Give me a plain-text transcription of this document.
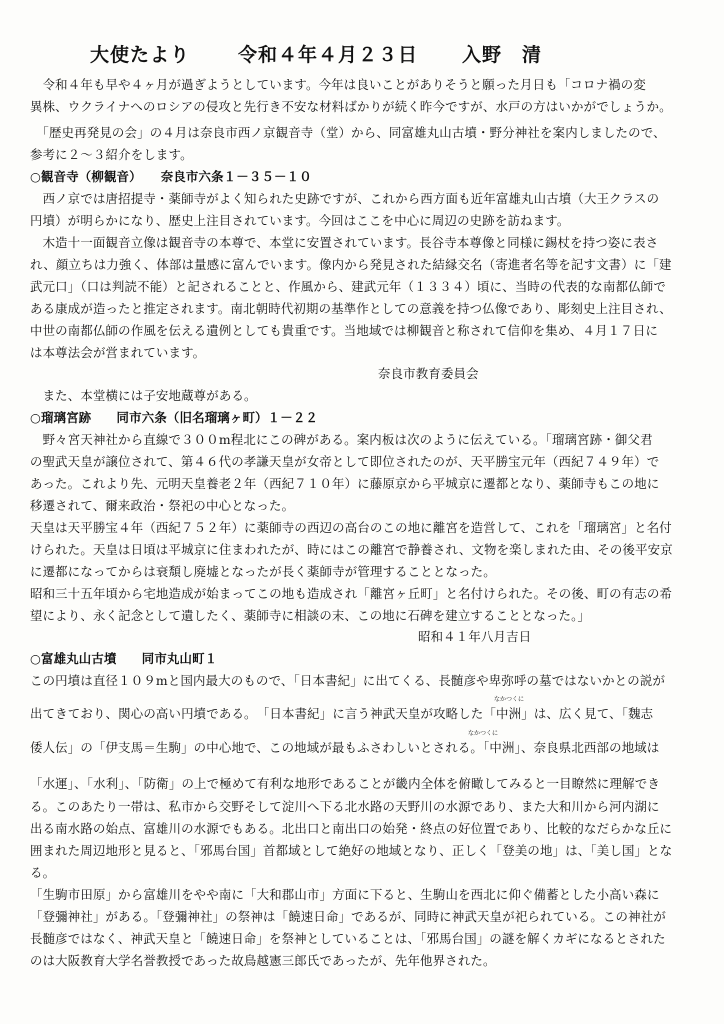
大使たより	令和４年４月２３日 入野　清
　令和４年も早や４ヶ月が過ぎようとしています。今年は良いことがありそうと願った月日も「コロナ禍の変
異株、ウクライナへのロシアの侵攻と先行き不安な材料ばかりが続く昨今ですが、水戸の方はいかがでしょうか。
　「歴史再発見の会」の４月は奈良市西ノ京観音寺（堂）から、同富雄丸山古墳・野分神社を案内しましたので、
参考に２～３紹介をします。
○観音寺（柳観音）　　奈良市六条１－３５－１０
　西ノ京では唐招提寺・薬師寺がよく知られた史跡ですが、これから西方面も近年富雄丸山古墳（大王クラスの
円墳）が明らかになり、歴史上注目されています。今回はここを中心に周辺の史跡を訪ねます。
　木造十一面観音立像は観音寺の本尊で、本堂に安置されています。長谷寺本尊像と同様に錫杖を持つ姿に表さ
れ、顔立ちは力強く、体部は量感に富んでいます。像内から発見された結縁交名（寄進者名等を記す文書）に「建
武元口」（口は判読不能）と記されることと、作風から、建武元年（１３３４）頃に、当時の代表的な南都仏師で
ある康成が造ったと推定されます。南北朝時代初期の基準作としての意義を持つ仏像であり、彫刻史上注目され、
中世の南都仏師の作風を伝える遺例としても貴重です。当地域では柳観音と称されて信仰を集め、４月１７日に
は本尊法会が営まれています。
奈良市教育委員会
　また、本堂横には子安地蔵尊がある。
○瑠璃宮跡　　同市六条（旧名瑠璃ヶ町）１－２２
　野々宮天神社から直線で３００m程北にこの碑がある。案内板は次のように伝えている。「瑠璃宮跡・御父君
の聖武天皇が譲位されて、第４６代の孝謙天皇が女帝として即位されたのが、天平勝宝元年（西紀７４９年）で
あった。これより先、元明天皇養老２年（西紀７１０年）に藤原京から平城京に遷都となり、薬師寺もこの地に
移遷されて、爾来政治・祭祀の中心となった。
天皇は天平勝宝４年（西紀７５２年）に薬師寺の西辺の高台のこの地に離宮を造営して、これを「瑠璃宮」と名付
けられた。天皇は日頃は平城京に住まわれたが、時にはこの離宮で静養され、文物を楽しまれた由、その後平安京
に遷都になってからは衰頽し廃墟となったが長く薬師寺が管理することとなった。
昭和三十五年頃から宅地造成が始まってこの地も造成され「離宮ヶ丘町」と名付けられた。その後、町の有志の希
望により、永く記念として遺したく、薬師寺に相談の末、この地に石碑を建立することとなった。」
昭和４１年八月吉日
○富雄丸山古墳　　同市丸山町１
この円墳は直径１０９mと国内最大のもので、「日本書紀」に出てくる、長髄彦や卑弥呼の墓ではないかとの説が
出てきており、関心の高い円墳である。　「日本書紀」に言う神武天皇が攻略した「中洲」は、広く見て、「魏志
なかつくに
倭人伝」の「伊支馬＝生駒」の中心地で、この地域が最もふさわしいとされる。「中洲」、奈良県北西部の地域は
なかつくに
「水運」、「水利」、「防衛」の上で極めて有利な地形であることが畿内全体を俯瞰してみると一目瞭然に理解でき
る。このあたり一帯は、私市から交野そして淀川へ下る北水路の天野川の水源であり、また大和川から河内湖に
出る南水路の始点、富雄川の水源でもある。北出口と南出口の始発・終点の好位置であり、比較的なだらかな丘に
囲まれた周辺地形と見ると、「邪馬台国」首都域として絶好の地域となり、正しく「登美の地」は、「美し国」とな
る。
「生駒市田原」から富雄川をやや南に「大和郡山市」方面に下ると、生駒山を西北に仰ぐ備蓄とした小高い森に
「登彌神社」がある。「登彌神社」の祭神は「饒速日命」であるが、同時に神武天皇が祀られている。この神社が
長髄彦ではなく、神武天皇と「饒速日命」を祭神としていることは、「邪馬台国」の謎を解くカギになるとされた
のは大阪教育大学名誉教授であった故鳥越憲三郎氏であったが、先年他界された。
